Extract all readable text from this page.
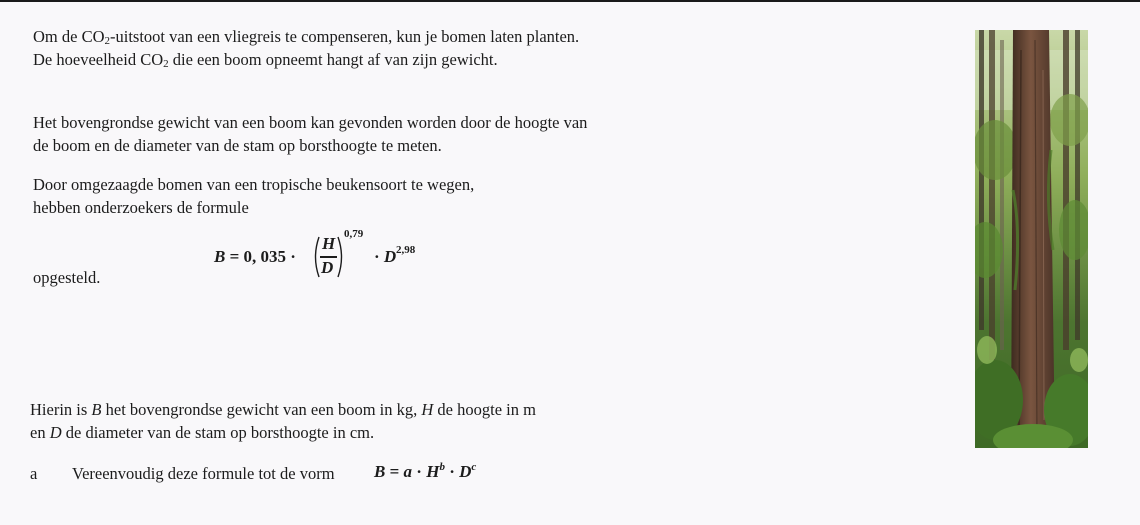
Om de $CO_2$-uitstoot van een vliegreis te compenseren, kun je bomen laten planten. De hoeveelheid $CO_2$ die een boom opneemt hangt af van zijn gewicht.

Het bovengrondse gewicht van een boom kan gevonden worden door de hoogte van de boom en de diameter van de stam op borsthoogte te meten.

Door omgezaagde bomen van een tropische beukensoort te wegen, hebben onderzoekers de formule

B = 0, 035 ·
H
D
0,79
· D 2,98

opgesteld.

Hierin is B het bovengrondse gewicht van een boom in kg, H de hoogte in m en D de diameter van de stam op borsthoogte in cm.

a Vereenvoudig deze formule tot de vorm $B = a \cdot H^b \cdot D^c$
